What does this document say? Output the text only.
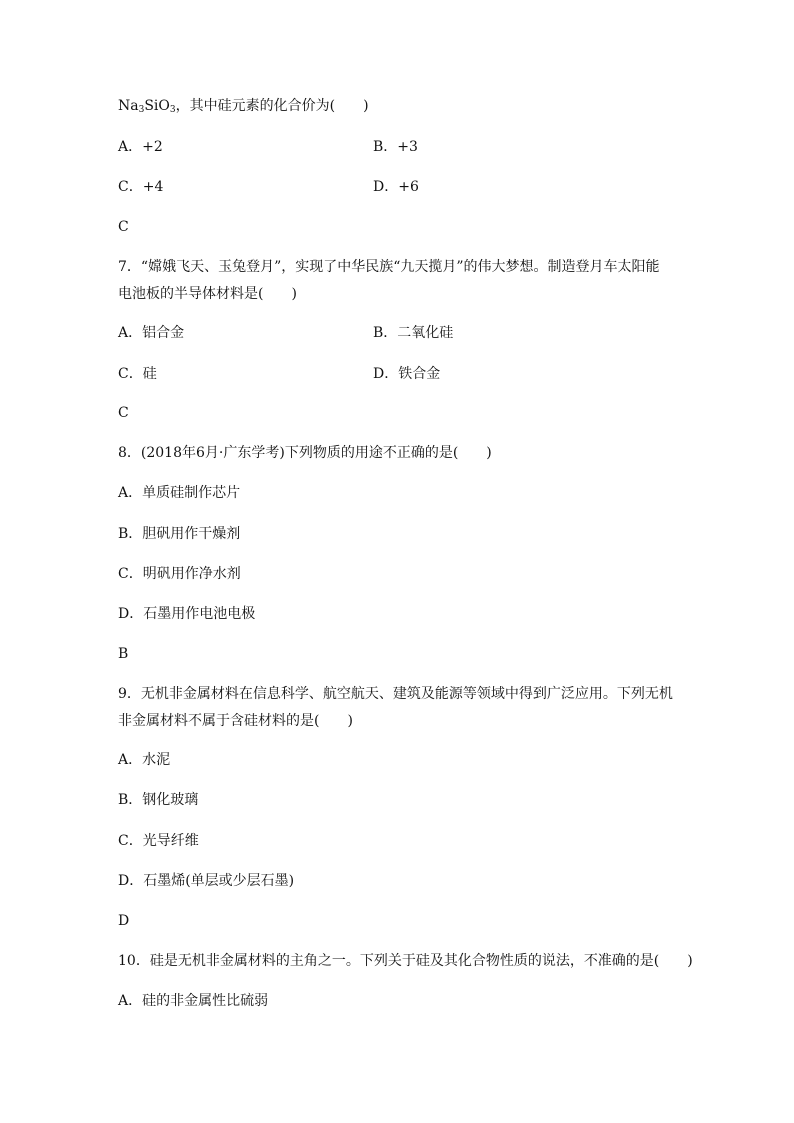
$Na_3SiO_3$，其中硅元素的化合价为(　　)
A．+2	B．+3
C．+4	D．+6
C
7．“嫦娥飞天、玉兔登月”，实现了中华民族“九天揽月”的伟大梦想。制造登月车太阳能
电池板的半导体材料是(　　)
A．铝合金	B．二氧化硅
C．硅	D．铁合金
C
8．(2018年6月·广东学考)下列物质的用途不正确的是(　　)
A．单质硅制作芯片
B．胆矾用作干燥剂
C．明矾用作净水剂
D．石墨用作电池电极
B
9．无机非金属材料在信息科学、航空航天、建筑及能源等领域中得到广泛应用。下列无机
非金属材料不属于含硅材料的是(　　)
A．水泥
B．钢化玻璃
C．光导纤维
D．石墨烯(单层或少层石墨)
D
10．硅是无机非金属材料的主角之一。下列关于硅及其化合物性质的说法，不准确的是(　　)
A．硅的非金属性比硫弱
